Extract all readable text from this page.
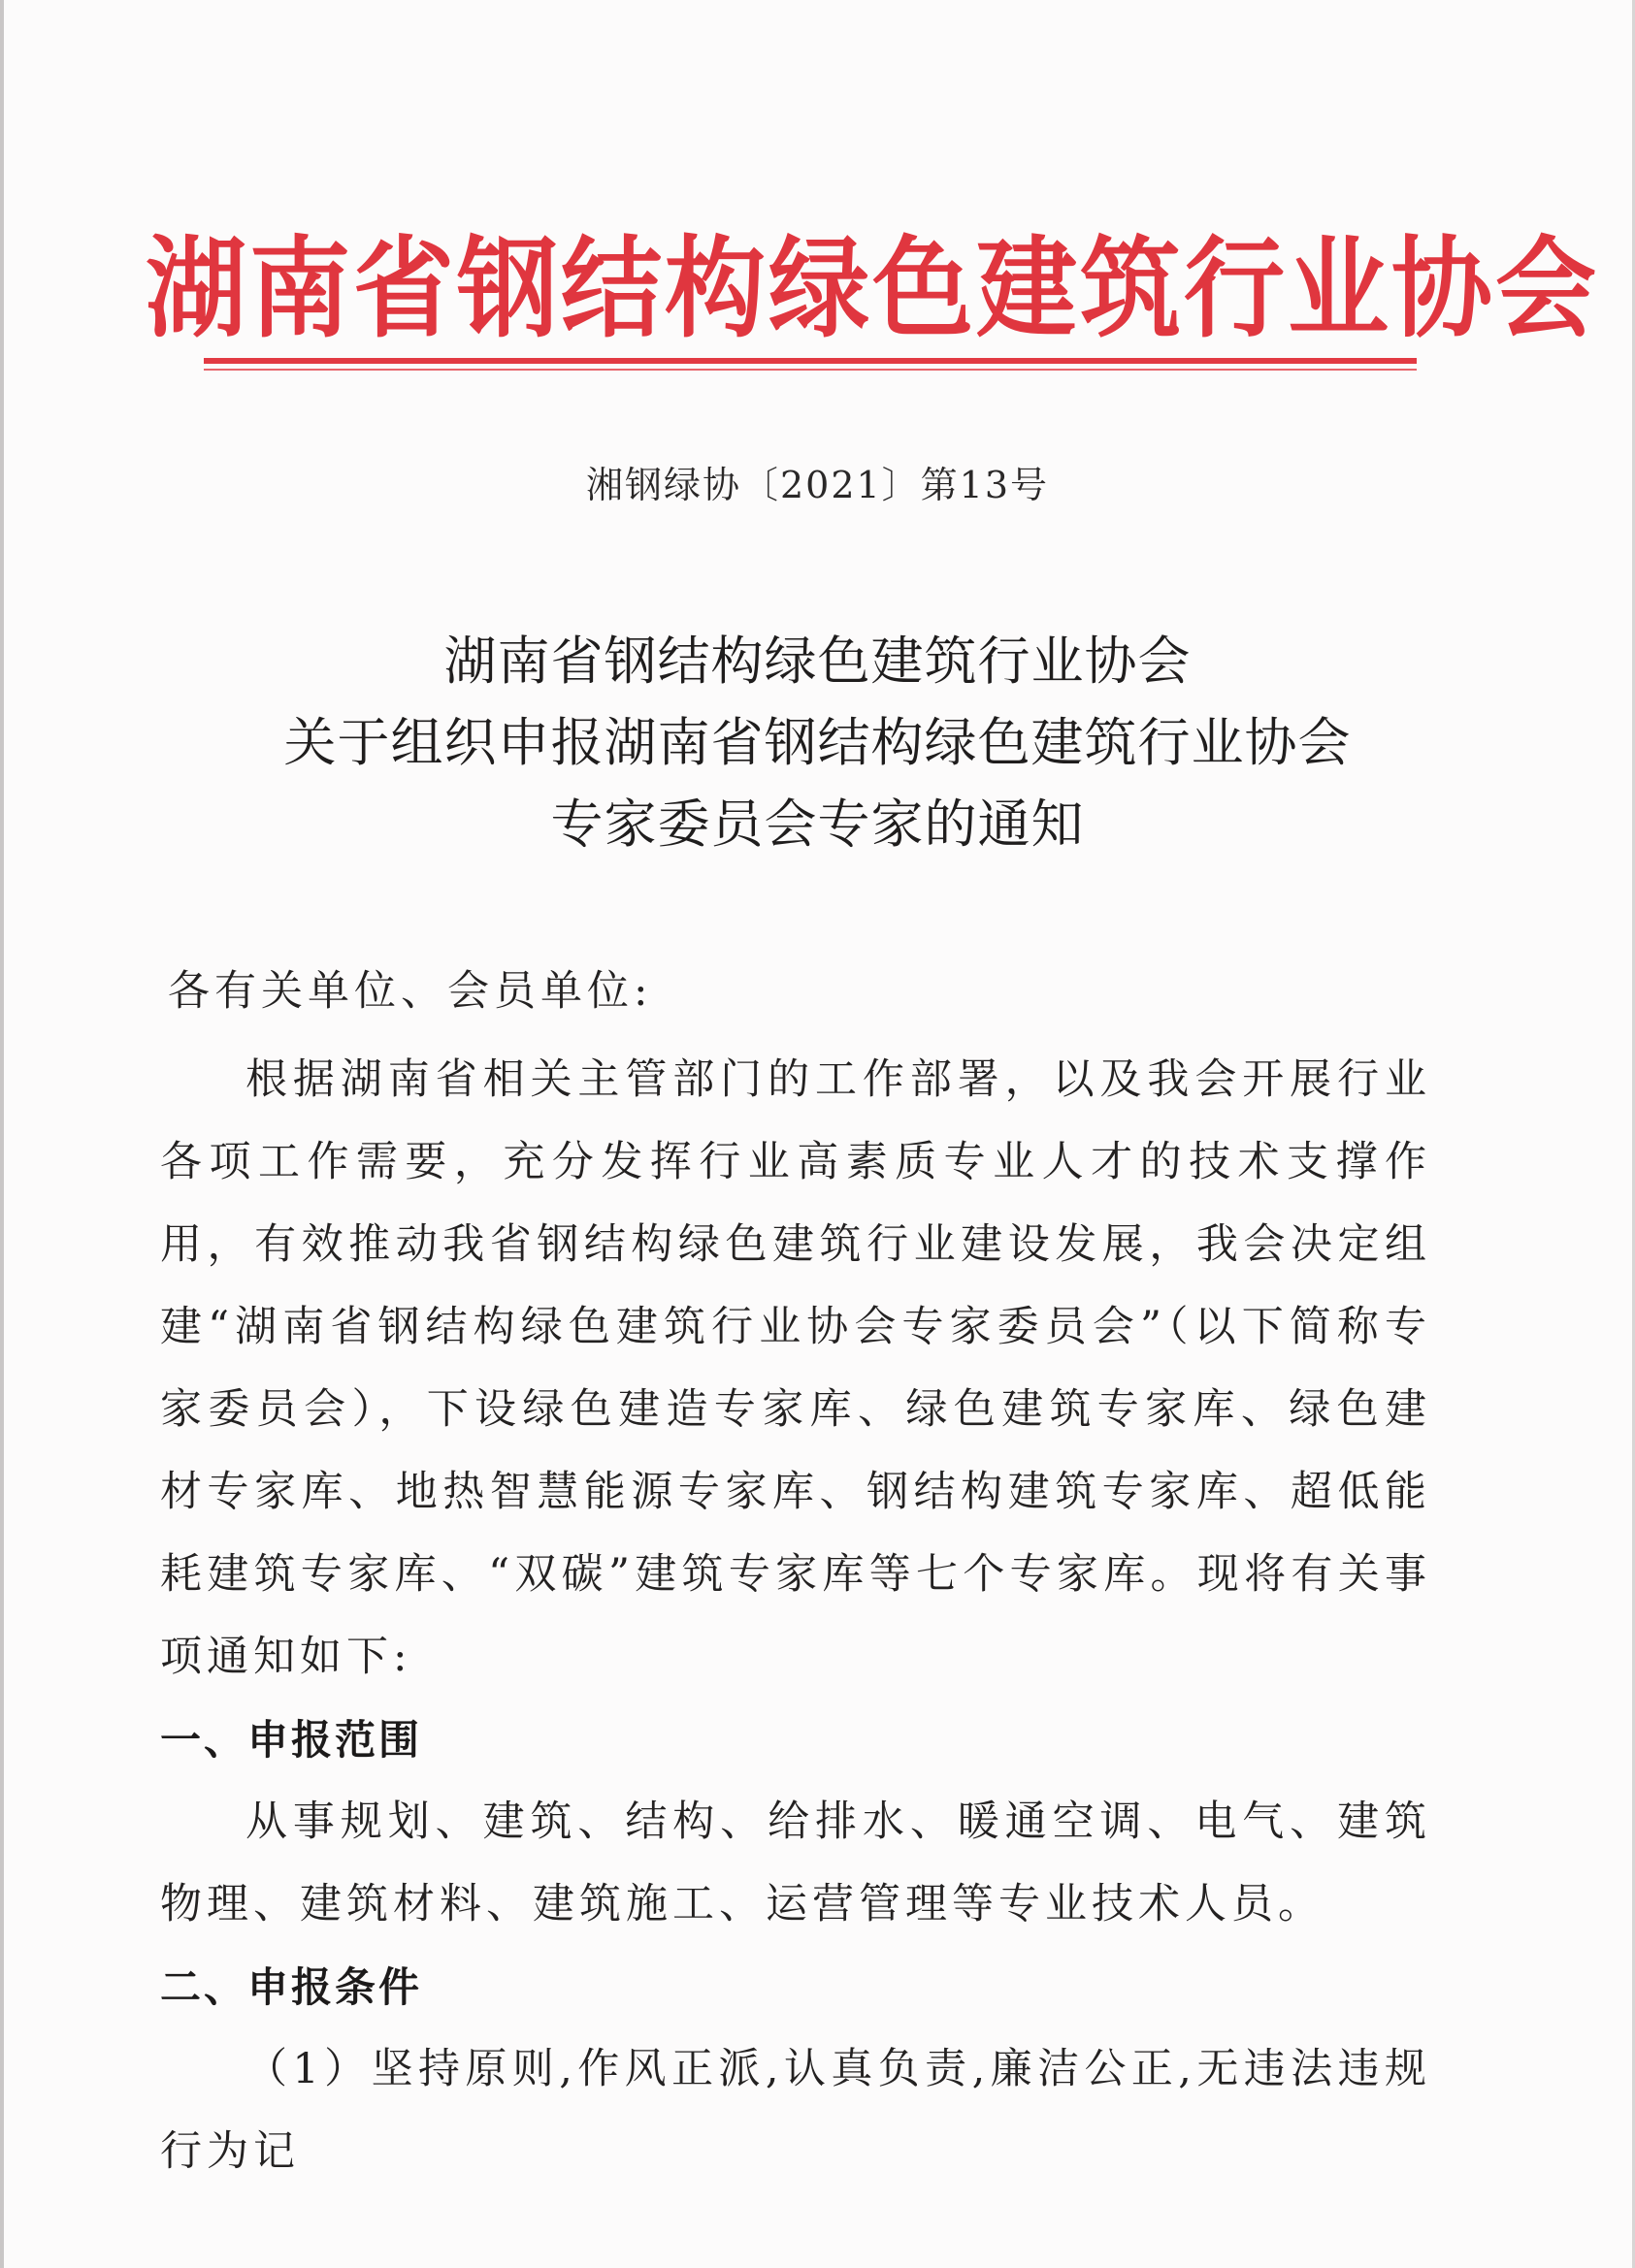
湖南省钢结构绿色建筑行业协会
湘钢绿协〔2021〕第13号
湖南省钢结构绿色建筑行业协会
关于组织申报湖南省钢结构绿色建筑行业协会
专家委员会专家的通知
各有关单位、会员单位:
根据湖南省相关主管部门的工作部署，以及我会开展行业各项工作需要，充分发挥行业高素质专业人才的技术支撑作用，有效推动我省钢结构绿色建筑行业建设发展，我会决定组建“湖南省钢结构绿色建筑行业协会专家委员会”（以下简称专家委员会），下设绿色建造专家库、绿色建筑专家库、绿色建材专家库、地热智慧能源专家库、钢结构建筑专家库、超低能耗建筑专家库、“双碳”建筑专家库等七个专家库。现将有关事项通知如下:
一、申报范围
从事规划、建筑、结构、给排水、暖通空调、电气、建筑物理、建筑材料、建筑施工、运营管理等专业技术人员。
二、申报条件
（1）坚持原则,作风正派,认真负责,廉洁公正,无违法违规行为记
